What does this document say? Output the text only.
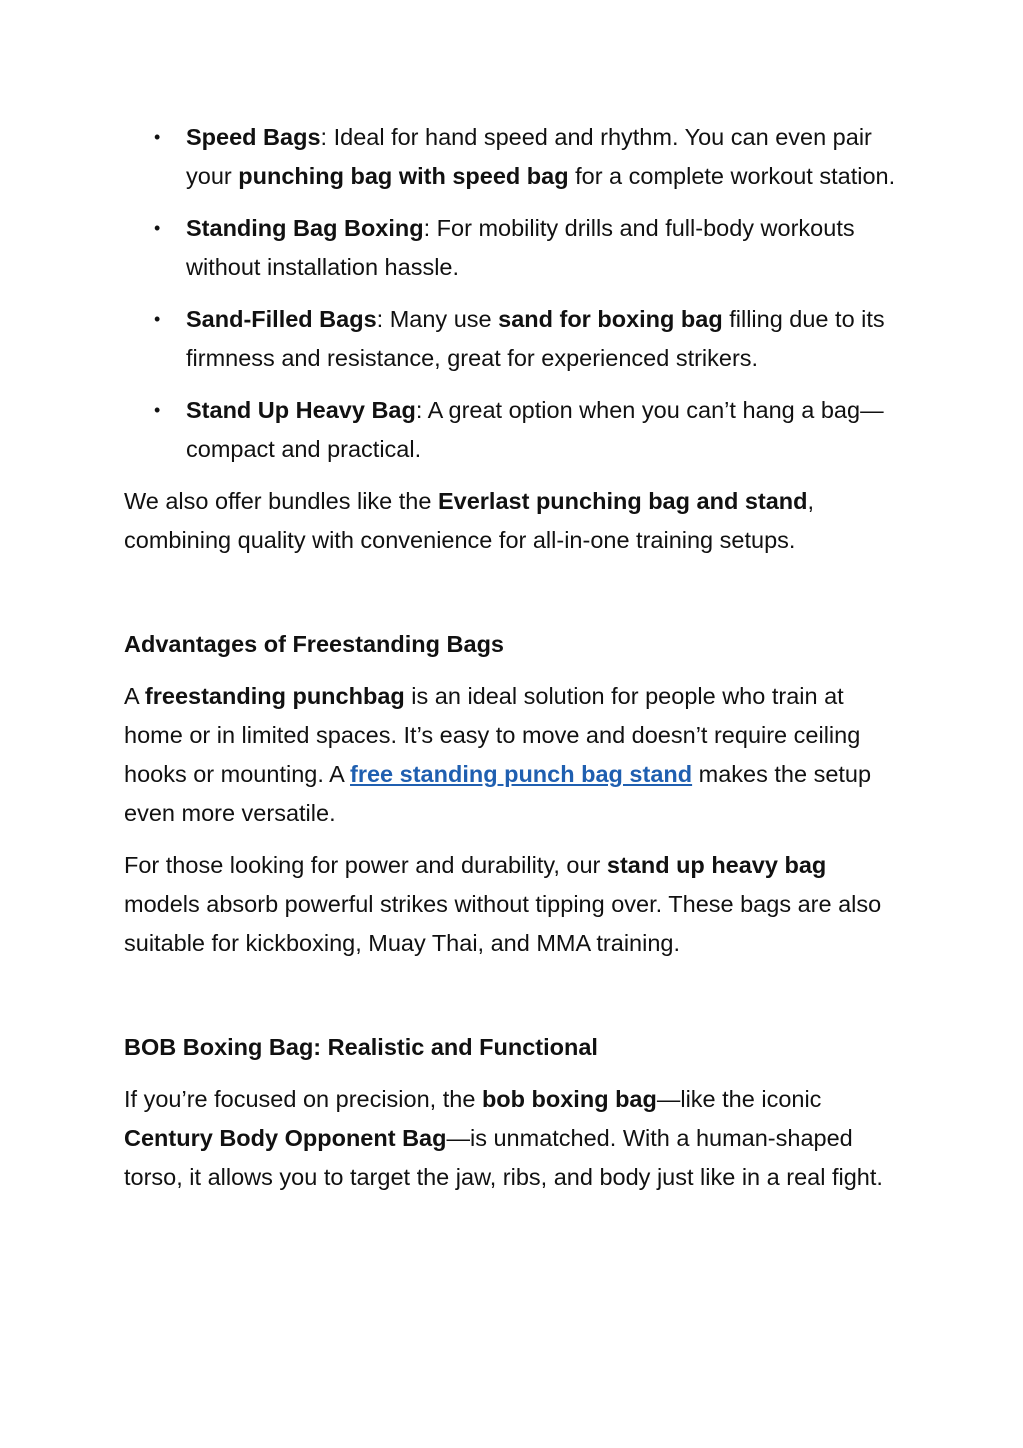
• Speed Bags: Ideal for hand speed and rhythm. You can even pair your punching bag with speed bag for a complete workout station.
• Standing Bag Boxing: For mobility drills and full-body workouts without installation hassle.
• Sand-Filled Bags: Many use sand for boxing bag filling due to its firmness and resistance, great for experienced strikers.
• Stand Up Heavy Bag: A great option when you can’t hang a bag—compact and practical.

We also offer bundles like the Everlast punching bag and stand, combining quality with convenience for all-in-one training setups.

Advantages of Freestanding Bags

A freestanding punchbag is an ideal solution for people who train at home or in limited spaces. It’s easy to move and doesn’t require ceiling hooks or mounting. A free standing punch bag stand makes the setup even more versatile.

For those looking for power and durability, our stand up heavy bag models absorb powerful strikes without tipping over. These bags are also suitable for kickboxing, Muay Thai, and MMA training.

BOB Boxing Bag: Realistic and Functional

If you’re focused on precision, the bob boxing bag—like the iconic Century Body Opponent Bag—is unmatched. With a human-shaped torso, it allows you to target the jaw, ribs, and body just like in a real fight.
